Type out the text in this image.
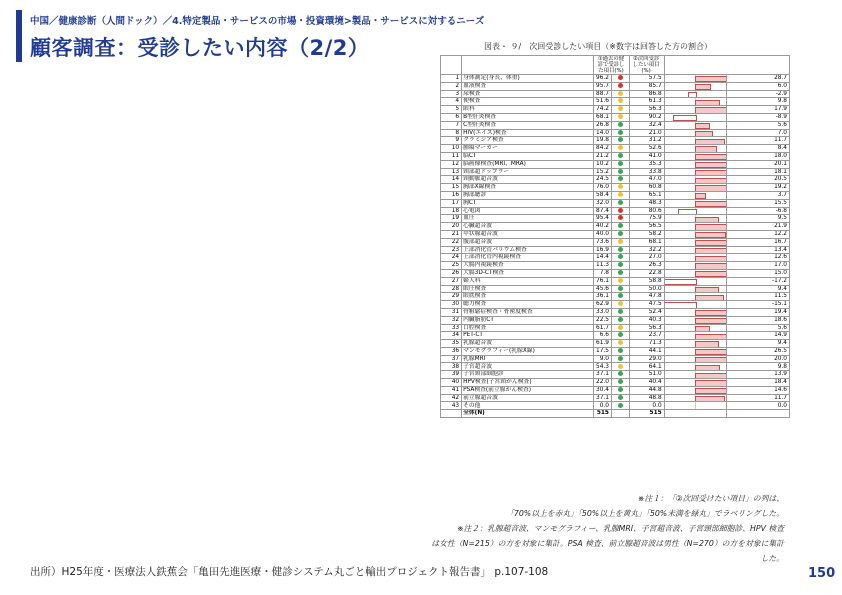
中国／健康診断（人間ドック）／4.特定製品・サービスの市場・投資環境>製品・サービスに対するニーズ
顧客調査：受診したい内容（2/2）	図表・ ９/　次回受診したい項目（※数字は回答した方の割合）
		①過去の健診で受診した項目(%)		②次回受診したい項目(%)	ポイント差(②-①)	
1	身体測定(身長、体重)	96.2		57.5		28.7
2	血液検査	95.7		85.7		6.0
3	尿検査	88.7		86.8		-2.9
4	便検査	51.6		61.3		9.8
5	眼科	74.2		56.3		17.9
6	B型肝炎検査	68.1		90.2		-8.9
7	C型肝炎検査	26.8		32.4		5.6
8	HIV(エイズ)検査	14.0		21.0		7.0
9	クラミジア検査	19.8		31.2		11.7
10	腫瘍マーカー	84.2		52.6		8.4
11	脳CT	21.2		41.0		18.0
12	脳画像検査(MRI、MRA)	10.2		35.3		20.1
13	頸部超ドップラー	15.2		33.8		18.1
14	頸動脈超音波	24.5		47.0		20.5
15	胸部X線検査	76.0		60.8		19.2
16	胸部聴診	58.4		65.1		3.7
17	胸CT	32.0		48.3		15.5
18	心電図	87.4		80.6		-6.8
19	血圧	95.4		75.9		9.5
20	心臓超音波	40.2		56.5		21.9
21	甲状腺超音波	40.0		58.2		12.2
22	腹部超音波	73.6		68.1		16.7
23	上部消化管バリウム検査	16.9		32.2		13.4
24	上部消化管内視鏡検査	14.4		27.0		12.6
25	大腸内視鏡検査	11.3		26.3		17.0
26	大腸3D-CT検査	7.8		22.8		15.0
27	婦人科	76.1		58.8		-17.2
28	眼圧検査	45.6		50.0		9.4
29	眼底検査	36.1		47.8		11.5
30	聴力検査	62.9		47.5		-15.1
31	骨粗鬆症検査・骨密度検査	33.0		52.4		19.4
32	内臓脂肪CT	22.5		40.3		18.6
33	口腔検査	61.7		56.3		5.6
34	PET-CT	6.6		23.7		14.9
35	乳腺超音波	61.9		71.3		9.4
36	マンモグラフィー(乳腺X線)	17.5		44.1		26.5
37	乳腺MRI	9.0		29.0		20.0
38	子宮超音波	54.3		64.1		9.8
39	子宮頸部細胞診	37.1		51.0		13.9
40	HPV検査(子宮頸がん検査)	22.0		40.4		18.4
41	PSA検査(前立腺がん検査)	30.4		44.8		14.6
42	前立腺超音波	37.1		48.8		11.7
43	その他	0.0		0.0		0.0
	全体(N)	515		515		

※注１：「②次回受けたい項目」の列は、

「70%以上を赤丸」「50%以上を黄丸」「50%未満を緑丸」でラベリングした。

※注２：乳腺超音波、マンモグラフィー、乳腺MRI、子宮超音波、子宮頸部細胞診、HPV 検査

は女性（N=215）の方を対象に集計。PSA 検査、前立腺超音波は男性（N=270）の方を対象に集計

した。

出所）H25年度・医療法人鉄蕉会「亀田先進医療・健診システム丸ごと輸出プロジェクト報告書」 p.107-108	150
